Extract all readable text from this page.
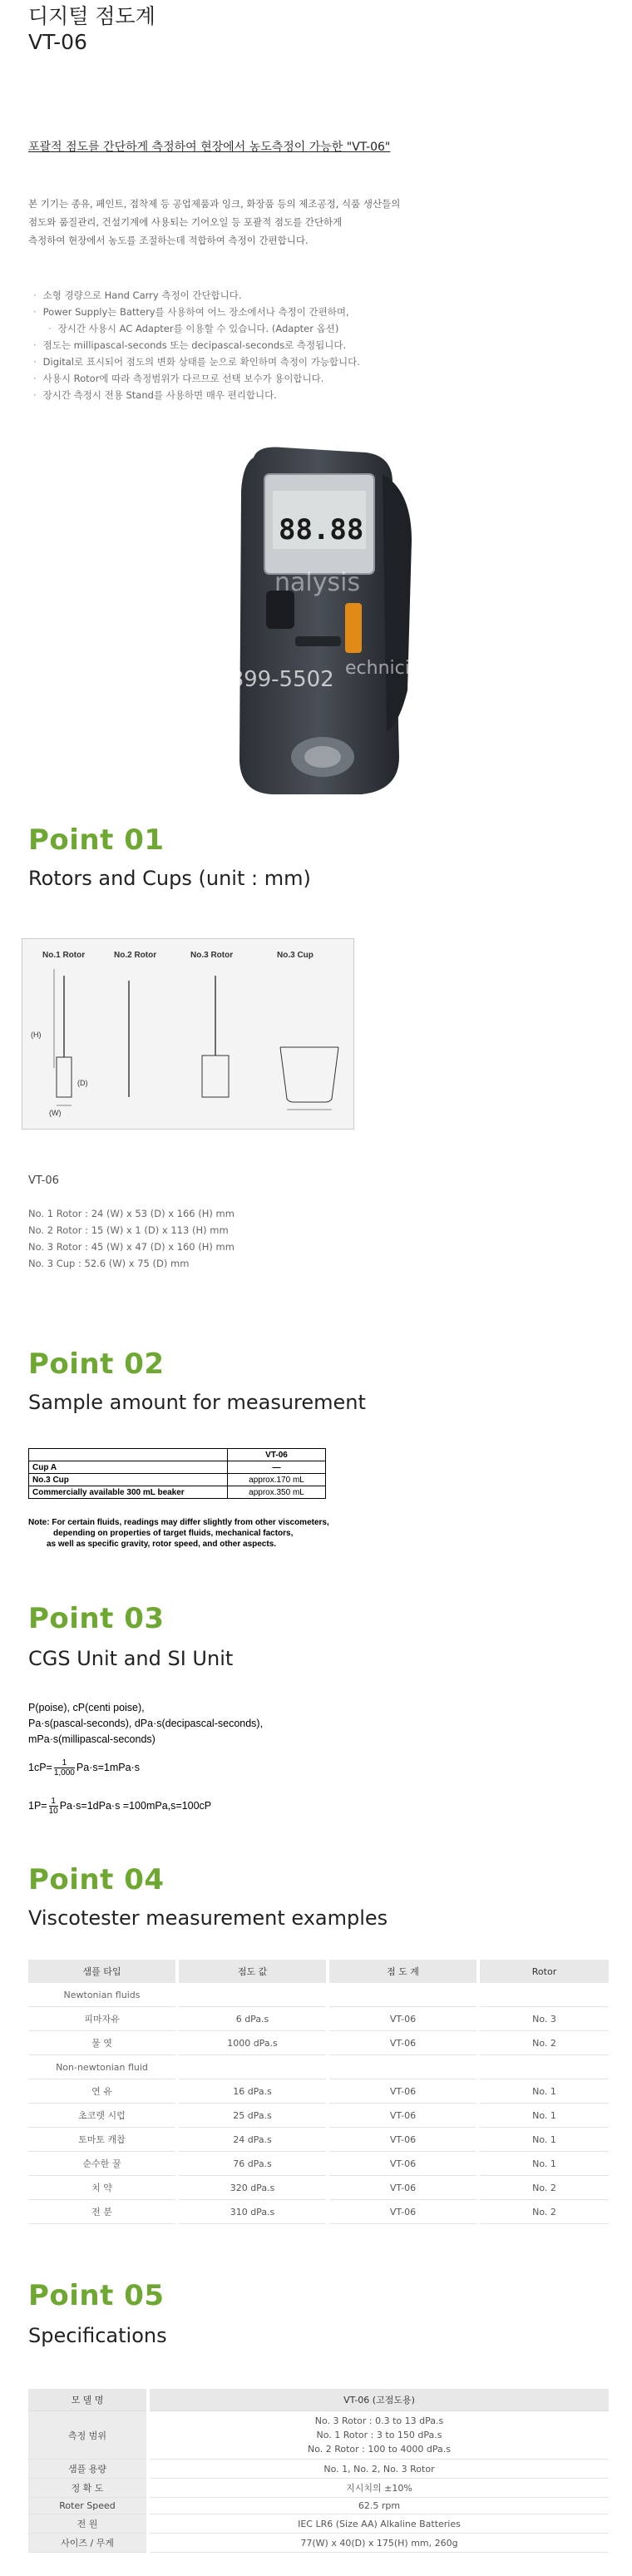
디지털 점도계
VT-06
포괄적 점도를 간단하게 측정하여 현장에서 농도측정이 가능한 "VT-06"
본 기기는 종유, 페인트, 접착제 등 공업제품과 잉크, 화장품 등의 제조공정, 식품 생산들의
점도와 품질관리, 건설기계에 사용되는 기어오일 등 포괄적 점도를 간단하게
측정하여 현장에서 농도를 조절하는데 적합하여 측정이 간편합니다.
· 소형 경량으로 Hand Carry 측정이 간단합니다.
· Power Supply는 Battery를 사용하여 어느 장소에서나 측정이 간편하며,
· 장시간 사용시 AC Adapter를 이용할 수 있습니다. (Adapter 옵션)
· 점도는 millipascal-seconds 또는 decipascal-seconds로 측정됩니다.
· Digital로 표시되어 점도의 변화 상태를 눈으로 확인하며 측정이 가능합니다.
· 사용시 Rotor에 따라 측정범위가 다르므로 선택 보수가 용이합니다.
· 장시간 측정시 전용 Stand를 사용하면 매우 편리합니다.
88.88
nalysis
1899-5502 echnician
Point 01
Rotors and Cups (unit : mm)
No.1 Rotor	No.2 Rotor	No.3 Rotor	No.3 Cup
(H)
(D)
(W)
VT-06
No. 1 Rotor : 24 (W) x 53 (D) x 166 (H) mm
No. 2 Rotor : 15 (W) x 1 (D) x 113 (H) mm
No. 3 Rotor : 45 (W) x 47 (D) x 160 (H) mm
No. 3 Cup : 52.6 (W) x 75 (D) mm
Point 02
Sample amount for measurement
	VT-06
Cup A	—
No.3 Cup	approx.170 mL
Commercially available 300 mL beaker	approx.350 mL
Note: For certain fluids, readings may differ slightly from other viscometers,
depending on properties of target fluids, mechanical factors,
as well as specific gravity, rotor speed, and other aspects.
Point 03
CGS Unit and SI Unit
P(poise), cP(centi poise),
Pa·s(pascal-seconds), dPa·s(decipascal-seconds),
mPa·s(millipascal-seconds)
$1cP= \frac{1}{1,000} Pa\cdot s=1mPa\cdot s$
$1P= \frac{1}{10} Pa\cdot s=1dPa\cdot s =100mPa,s=100cP$
Point 04
Viscotester measurement examples
샘플 타입	점도 값	점 도 계	Rotor
Newtonian fluids			
피마자유	6 dPa.s	VT-06	No. 3
물 엿	1000 dPa.s	VT-06	No. 2
Non-newtonian fluid			
연 유	16 dPa.s	VT-06	No. 1
초코렛 시럽	25 dPa.s	VT-06	No. 1
토마토 캐찹	24 dPa.s	VT-06	No. 1
순수한 꿀	76 dPa.s	VT-06	No. 1
치 약	320 dPa.s	VT-06	No. 2
전 분	310 dPa.s	VT-06	No. 2
Point 05
Specifications
모 델 명	VT-06 (고점도용)
측정 범위	No. 3 Rotor : 0.3 to 13 dPa.s
No. 1 Rotor : 3 to 150 dPa.s
No. 2 Rotor : 100 to 4000 dPa.s

샘플 용량	No. 1, No. 2, No. 3 Rotor
정 확 도	지시치의 ±10%
Roter Speed	62.5 rpm
전 원	IEC LR6 (Size AA) Alkaline Batteries
사이즈 / 무게	77(W) x 40(D) x 175(H) mm, 260g
